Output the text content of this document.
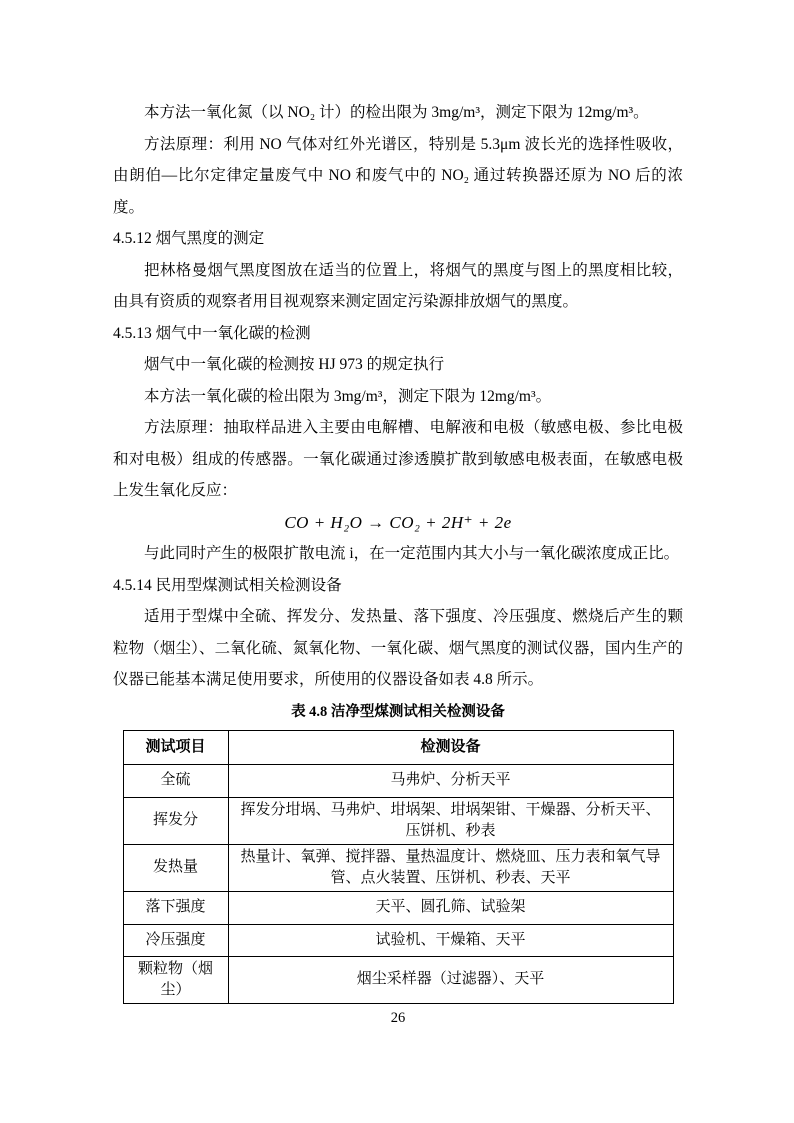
本方法一氧化氮（以 NO₂ 计）的检出限为 3mg/m³，测定下限为 12mg/m³。

方法原理：利用 NO 气体对红外光谱区，特别是 5.3μm 波长光的选择性吸收，由朗伯—比尔定律定量废气中 NO 和废气中的 NO₂ 通过转换器还原为 NO 后的浓度。

4.5.12 烟气黑度的测定

把林格曼烟气黑度图放在适当的位置上，将烟气的黑度与图上的黑度相比较，由具有资质的观察者用目视观察来测定固定污染源排放烟气的黑度。

4.5.13 烟气中一氧化碳的检测

烟气中一氧化碳的检测按 HJ 973 的规定执行

本方法一氧化碳的检出限为 3mg/m³，测定下限为 12mg/m³。

方法原理：抽取样品进入主要由电解槽、电解液和电极（敏感电极、参比电极和对电极）组成的传感器。一氧化碳通过渗透膜扩散到敏感电极表面，在敏感电极上发生氧化反应：

CO + H₂O → CO₂ + 2H⁺ + 2e

与此同时产生的极限扩散电流 i，在一定范围内其大小与一氧化碳浓度成正比。

4.5.14 民用型煤测试相关检测设备

适用于型煤中全硫、挥发分、发热量、落下强度、冷压强度、燃烧后产生的颗粒物（烟尘）、二氧化硫、氮氧化物、一氧化碳、烟气黑度的测试仪器，国内生产的仪器已能基本满足使用要求，所使用的仪器设备如表 4.8 所示。

表 4.8 洁净型煤测试相关检测设备
测试项目	检测设备
全硫	马弗炉、分析天平
挥发分	挥发分坩埚、马弗炉、坩埚架、坩埚架钳、干燥器、分析天平、压饼机、秒表
发热量	热量计、氧弹、搅拌器、量热温度计、燃烧皿、压力表和氧气导管、点火装置、压饼机、秒表、天平
落下强度	天平、圆孔筛、试验架
冷压强度	试验机、干燥箱、天平
颗粒物（烟尘）	烟尘采样器（过滤器）、天平
26
